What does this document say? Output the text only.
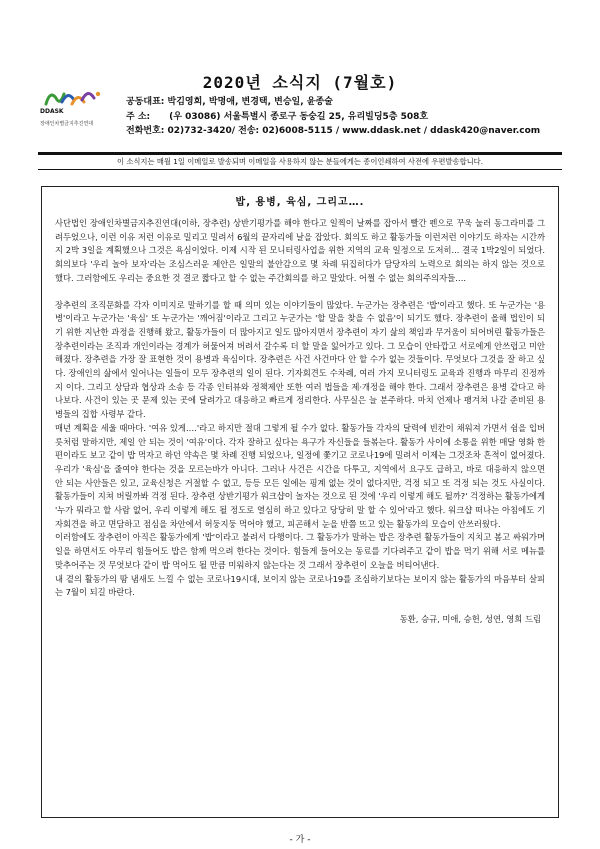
2020년 소식지 (7월호)
DDASK
장애인차별금지추진연대
공동대표: 박김영희, 박명애, 변경택, 변승일, 윤종술
주 소: (우 03086) 서울특별시 종로구 동숭길 25, 유리빌딩5층 508호
전화번호: 02)732-3420/ 전송: 02)6008-5115 / www.ddask.net / ddask420@naver.com
이 소식지는 매월 1일 이메일로 발송되며 이메일을 사용하지 않는 분들에게는 종이인쇄하여 사전에 우편발송합니다.
밥, 용병, 육심, 그리고….

사단법인 장애인차별금지추진연대(이하, 장추련) 상반기평가를 해야 한다고 일찍이 날짜를 잡아서 빨간 펜으로 꾸욱 눌러 동그라미를 그려두었으나, 이런 이유 저런 이유로 밀리고 밀려서 6월의 끝자리에 날을 잡았다. 회의도 하고 활동가들 이런저런 이야기도 하자는 시간까지 2박 3일을 계획했으나 그것은 욕심이었다. 이제 시작 된 모니터링사업을 위한 지역의 교육 일정으로 도저히... 결국 1박2일이 되었다. 회의보다 '우리 놀아 보자'라는 조심스러운 제안은 일말의 불안감으로 몇 차례 뒤집히다가 담당자의 노력으로 회의는 하지 않는 것으로 했다. 그러함에도 우리는 중요한 것 결코 짧다고 할 수 없는 주간회의를 하고 말았다. 어쩔 수 없는 회의주의자들….

장추련의 조직문화를 각자 이미지로 말하기를 할 때 의미 있는 이야기들이 많았다. 누군가는 장추련은 '밥'이라고 했다. 또 누군가는 '용병'이라고 누군가는 '육심' 또 누군가는 '깨어짐'이라고 그리고 누군가는 '할 말을 찾을 수 없음'이 되기도 했다. 장추련이 올해 법인이 되기 위한 지난한 과정을 진행해 왔고, 활동가들이 더 많아지고 일도 많아지면서 장추련이 자기 삶의 책임과 무거움이 되어버린 활동가들은 장추련이라는 조직과 개인이라는 경계가 허물어져 버려서 갈수록 더 할 말을 잃어가고 있다. 그 모습이 안타깝고 서로에게 안쓰럽고 미안해졌다. 장추련을 가장 잘 표현한 것이 용병과 육심이다. 장추련은 사건 사건마다 안 할 수가 없는 것들이다. 무엇보다 그것을 잘 하고 싶다. 장애인의 삶에서 일어나는 일들이 모두 장추련의 일이 된다. 기자회견도 수차례, 여러 가지 모니터링도 교육과 진행과 마무리 진정까지 이다. 그리고 상담과 협상과 소송 등 각종 인터뷰와 정책제안 또한 여러 법들을 제·개정을 해야 한다. 그래서 장추련은 용병 같다고 하나보다. 사건이 있는 곳 문제 있는 곳에 달려가고 대응하고 빠르게 정리한다. 사무실은 늘 분주하다. 마치 언제나 팽겨쳐 나갈 준비된 용병들의 집합 사령부 같다.

매년 계획을 세울 때마다. '여유 있게….'라고 하지만 절대 그렇게 될 수가 없다. 활동가들 각자의 달력에 빈칸이 채워져 가면서 쉼을 입버릇처럼 말하지만, 제일 안 되는 것이 '여유'이다. 각자 잘하고 싶다는 욕구가 자신들을 들볶는다. 활동가 사이에 소통을 위한 매달 영화 한편이라도 보고 같이 밥 먹자고 하던 약속은 몇 차례 진행 되었으나, 일정에 쫓기고 코로나19에 밀려서 이제는 그것조차 흔적이 없어졌다. 우리가 '육심'을 줄여야 한다는 것을 모르는바가 아니다. 그러나 사건은 시간을 다투고, 지역에서 요구도 급하고, 바로 대응하지 않으면 안 되는 사안들은 있고, 교육신청은 거절할 수 없고, 등등 모든 일에는 핑계 없는 것이 없다지만, 걱정 되고 또 걱정 되는 것도 사실이다. 활동가들이 지쳐 버릴까봐 걱정 된다. 장추련 상반기평가 워크샵이 놀자는 것으로 된 것에 '우리 이렇게 해도 될까?' 걱정하는 활동가에게 '누가 뭐라고 할 사람 없어, 우리 이렇게 해도 될 정도로 열심히 하고 있다고 당당히 말 할 수 있어'라고 했다. 워크샵 떠나는 아침에도 기자회견을 하고 면담하고 점심을 차안에서 허둥지둥 먹어야 했고, 피곤해서 눈을 반쯤 뜨고 있는 활동가의 모습이 안쓰러웠다.

이러함에도 장추련이 아직은 활동가에게 '밥'이라고 불려서 다행이다. 그 활동가가 말하는 밥은 장추련 활동가들이 지치고 봄고 싸워가며 일을 하면서도 아무리 힘들어도 밥은 함께 먹으려 한다는 것이다. 힘들게 들어오는 동료를 기다려주고 같이 밥을 먹기 위해 서로 메뉴를 맞추어주는 것 무엇보다 같이 밥 먹어도 될 만큼 미워하지 않는다는 것 그래서 장추련이 오늘을 버티어낸다.

내 곁의 활동가의 땀 냄새도 느낄 수 없는 코로나19시대, 보이지 않는 코로나19를 조심하기보다는 보이지 않는 활동가의 마음부터 살피는 7월이 되길 바란다.

동환, 승규, 미애, 승헌, 성연, 영희 드림
- 가 -
